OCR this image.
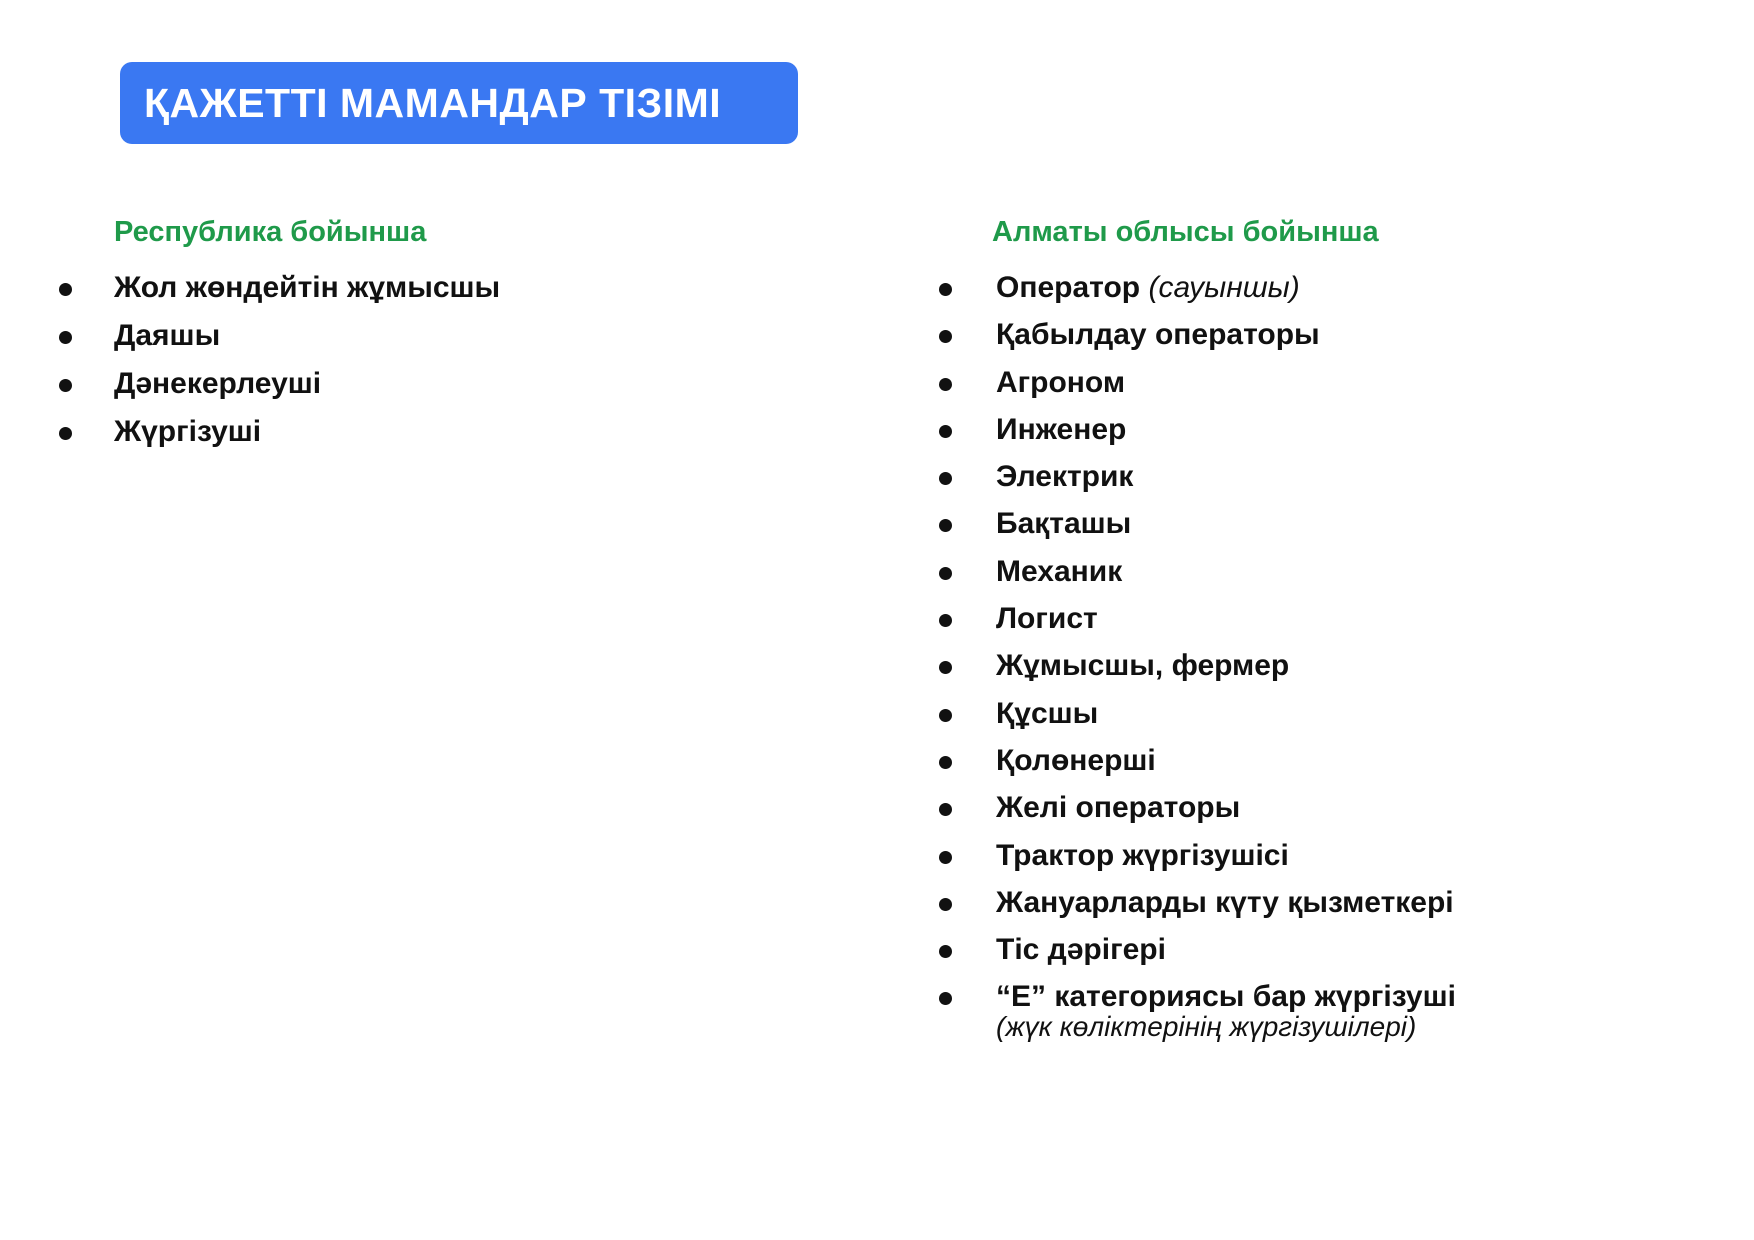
ҚАЖЕТТІ МАМАНДАР ТІЗІМІ
Республика бойынша
Жол жөндейтін жұмысшы
Даяшы
Дәнекерлеуші
Жүргізуші
Алматы облысы бойынша
Оператор (сауыншы)
Қабылдау операторы
Агроном
Инженер
Электрик
Бақташы
Механик
Логист
Жұмысшы, фермер
Құсшы
Қолөнерші
Желі операторы
Трактор жүргізушісі
Жануарларды күту қызметкері
Тіс дәрігері
“Е” категориясы бар жүргізуші
(жүк көліктерінің жүргізушілері)
